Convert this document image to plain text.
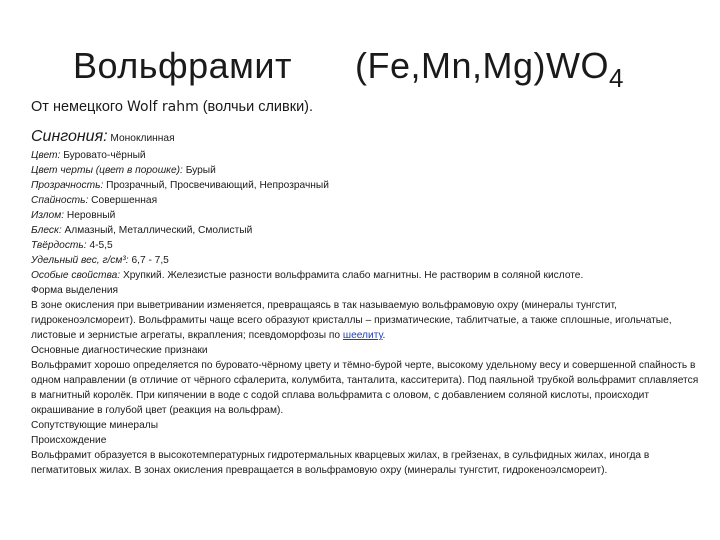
Вольфрамит $(Fe,Mn,Mg)WO_4$
От немецкого Wolf rahm (волчьи сливки).
Сингония: Моноклинная
Цвет: Буровато-чёрный
Цвет черты (цвет в порошке): Бурый
Прозрачность: Прозрачный, Просвечивающий, Непрозрачный
Спайность: Совершенная
Излом: Неровный
Блеск: Алмазный, Металлический, Смолистый
Твёрдость: 4-5,5
Удельный вес, г/см³: 6,7 - 7,5
Особые свойства: Хрупкий. Железистые разности вольфрамита слабо магнитны. Не растворим в соляной кислоте.
Форма выделения
В зоне окисления при выветривании изменяется, превращаясь в так называемую вольфрамовую охру (минералы тунгстит, гидрокеноэлсмореит). Вольфрамиты чаще всего образуют кристаллы – призматические, таблитчатые, а также сплошные, игольчатые, листовые и зернистые агрегаты, вкрапления; псевдоморфозы по шеелиту.
Основные диагностические признаки
Вольфрамит хорошо определяется по буровато-чёрному цвету и тёмно-бурой черте, высокому удельному весу и совершенной спайность в одном направлении (в отличие от чёрного сфалерита, колумбита, танталита, касситерита). Под паяльной трубкой вольфрамит сплавляется в магнитный королёк. При кипячении в воде с содой сплава вольфрамита с оловом, с добавлением соляной кислоты, происходит окрашивание в голубой цвет (реакция на вольфрам).
Сопутствующие минералы
Происхождение
Вольфрамит образуется в высокотемпературных гидротермальных кварцевых жилах, в грейзенах, в сульфидных жилах, иногда в пегматитовых жилах. В зонах окисления превращается в вольфрамовую охру (минералы тунгстит, гидрокеноэлсмореит).
